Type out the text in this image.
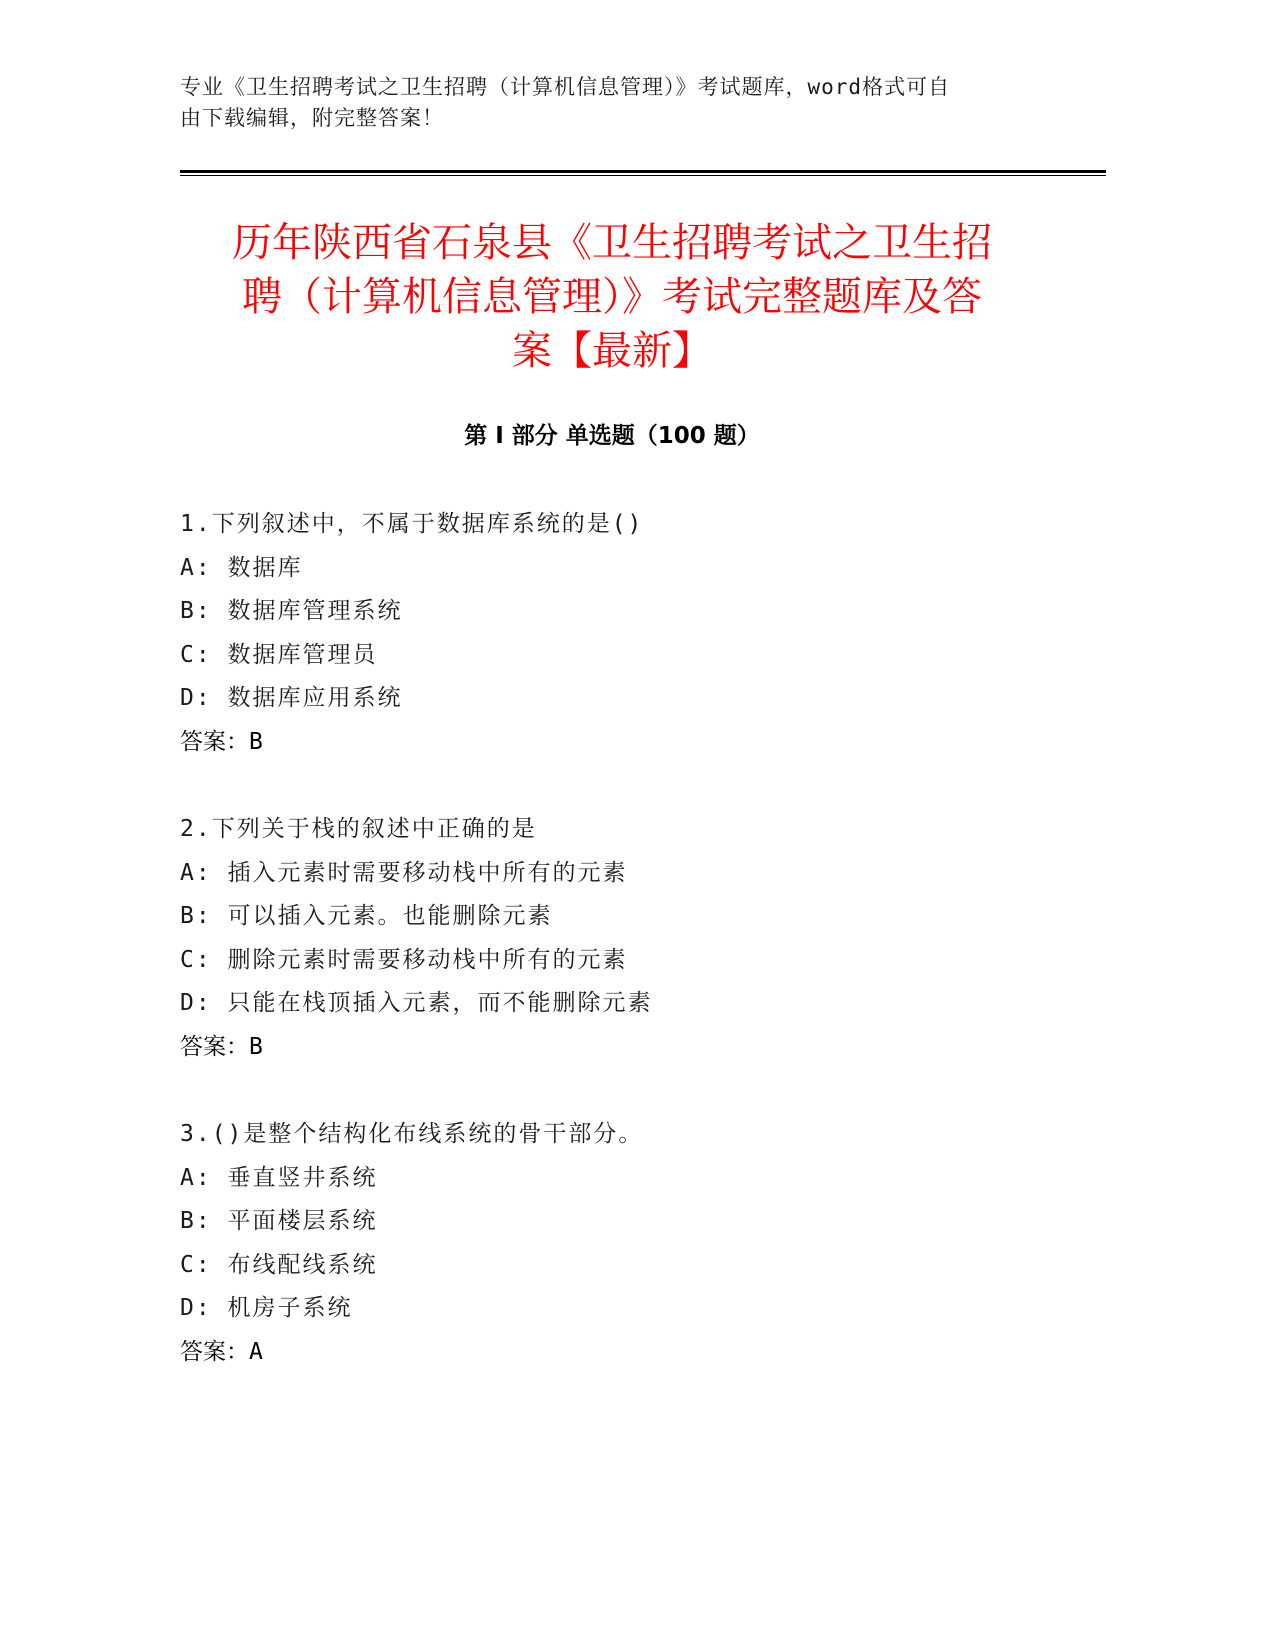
专业《卫生招聘考试之卫生招聘（计算机信息管理）》考试题库，word格式可自
由下载编辑，附完整答案！
历年陕西省石泉县《卫生招聘考试之卫生招
聘（计算机信息管理）》考试完整题库及答
案【最新】
第 I 部分 单选题（100 题）
1.下列叙述中，不属于数据库系统的是()
A: 数据库
B: 数据库管理系统
C: 数据库管理员
D: 数据库应用系统
答案：B
2.下列关于栈的叙述中正确的是
A: 插入元素时需要移动栈中所有的元素
B: 可以插入元素。也能删除元素
C: 删除元素时需要移动栈中所有的元素
D: 只能在栈顶插入元素，而不能删除元素
答案：B
3.()是整个结构化布线系统的骨干部分。
A: 垂直竖井系统
B: 平面楼层系统
C: 布线配线系统
D: 机房子系统
答案：A
